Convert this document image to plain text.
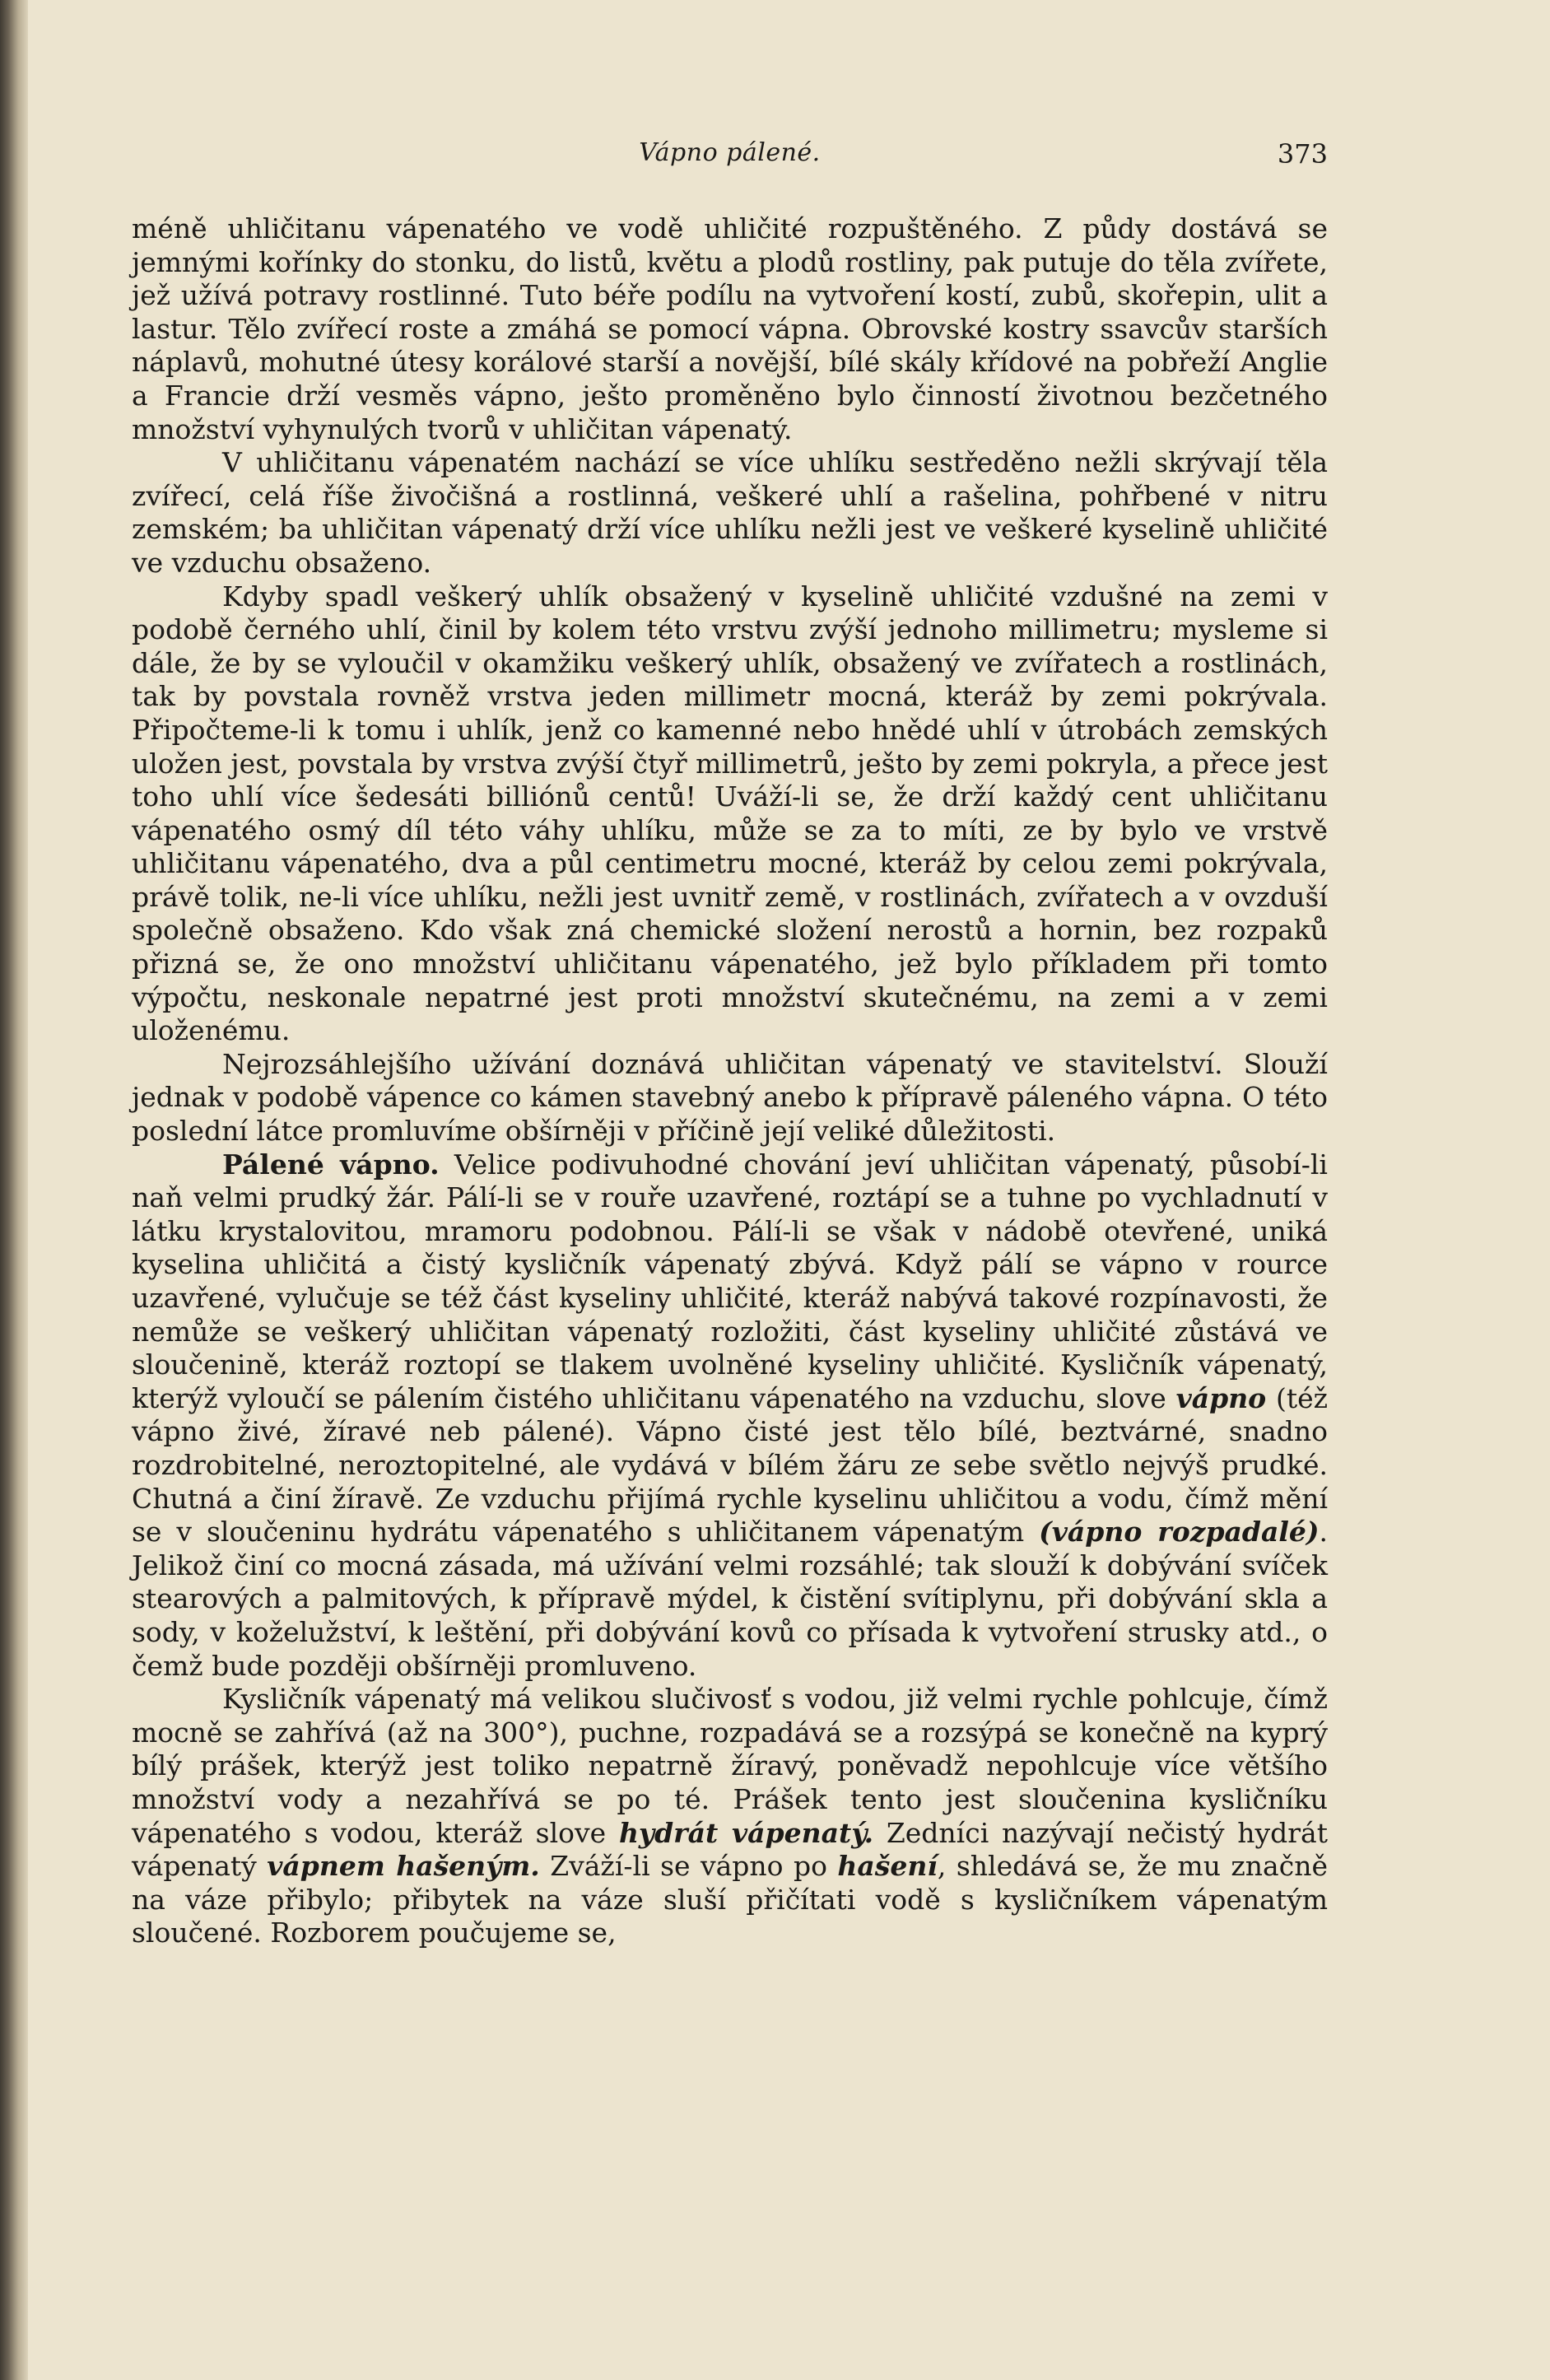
Vápno pálené.	373

méně uhličitanu vápenatého ve vodě uhličité rozpuštěného. Z půdy dostává se jemnými kořínky do stonku, do listů, květu a plodů rostliny, pak putuje do těla zvířete, jež užívá potravy rostlinné. Tuto béře podílu na vytvoření kostí, zubů, skořepin, ulit a lastur. Tělo zvířecí roste a zmáhá se pomocí vápna. Obrovské kostry ssavcův starších náplavů, mohutné útesy korálové starší a novější, bílé skály křídové na pobřeží Anglie a Francie drží vesměs vápno, ješto proměněno bylo činností životnou bezčetného množství vyhynulých tvorů v uhličitan vápenatý.

V uhličitanu vápenatém nachází se více uhlíku sestředěno nežli skrývají těla zvířecí, celá říše živočišná a rostlinná, veškeré uhlí a rašelina, pohřbené v nitru zemském; ba uhličitan vápenatý drží více uhlíku nežli jest ve veškeré kyselině uhličité ve vzduchu obsaženo.

Kdyby spadl veškerý uhlík obsažený v kyselině uhličité vzdušné na zemi v podobě černého uhlí, činil by kolem této vrstvu zvýší jednoho millimetru; mysleme si dále, že by se vyloučil v okamžiku veškerý uhlík, obsažený ve zvířatech a rostlinách, tak by povstala rovněž vrstva jeden millimetr mocná, kteráž by zemi pokrývala. Připočteme-li k tomu i uhlík, jenž co kamenné nebo hnědé uhlí v útrobách zemských uložen jest, povstala by vrstva zvýší čtyř millimetrů, ješto by zemi pokryla, a přece jest toho uhlí více šedesáti billiónů centů! Uváží-li se, že drží každý cent uhličitanu vápenatého osmý díl této váhy uhlíku, může se za to míti, ze by bylo ve vrstvě uhličitanu vápenatého, dva a půl centimetru mocné, kteráž by celou zemi pokrývala, právě tolik, ne-li více uhlíku, nežli jest uvnitř země, v rostlinách, zvířatech a v ovzduší společně obsaženo. Kdo však zná chemické složení nerostů a hornin, bez rozpaků přizná se, že ono množství uhličitanu vápenatého, jež bylo příkladem při tomto výpočtu, neskonale nepatrné jest proti množství skutečnému, na zemi a v zemi uloženému.

Nejrozsáhlejšího užívání doznává uhličitan vápenatý ve stavitelství. Slouží jednak v podobě vápence co kámen stavebný anebo k přípravě páleného vápna. O této poslední látce promluvíme obšírněji v příčině její veliké důležitosti.

Pálené vápno. Velice podivuhodné chování jeví uhličitan vápenatý, působí-li naň velmi prudký žár. Pálí-li se v rouře uzavřené, roztápí se a tuhne po vychladnutí v látku krystalovitou, mramoru podobnou. Pálí-li se však v nádobě otevřené, uniká kyselina uhličitá a čistý kysličník vápenatý zbývá. Když pálí se vápno v rource uzavřené, vylučuje se též část kyseliny uhličité, kteráž nabývá takové rozpínavosti, že nemůže se veškerý uhličitan vápenatý rozložiti, část kyseliny uhličité zůstává ve sloučenině, kteráž roztopí se tlakem uvolněné kyseliny uhličité. Kysličník vápenatý, kterýž vyloučí se pálením čistého uhličitanu vápenatého na vzduchu, slove vápno (též vápno živé, žíravé neb pálené). Vápno čisté jest tělo bílé, beztvárné, snadno rozdrobitelné, neroztopitelné, ale vydává v bílém žáru ze sebe světlo nejvýš prudké. Chutná a činí žíravě. Ze vzduchu přijímá rychle kyselinu uhličitou a vodu, čímž mění se v sloučeninu hydrátu vápenatého s uhličitanem vápenatým (vápno rozpadalé). Jelikož činí co mocná zásada, má užívání velmi rozsáhlé; tak slouží k dobývání svíček stearových a palmitových, k přípravě mýdel, k čistění svítiplynu, při dobývání skla a sody, v koželužství, k leštění, při dobývání kovů co přísada k vytvoření strusky atd., o čemž bude později obšírněji promluveno.

Kysličník vápenatý má velikou slučivosť s vodou, již velmi rychle pohlcuje, čímž mocně se zahřívá (až na 300°), puchne, rozpadává se a rozsýpá se konečně na kyprý bílý prášek, kterýž jest toliko nepatrně žíravý, poněvadž nepohlcuje více většího množství vody a nezahřívá se po té. Prášek tento jest sloučenina kysličníku vápenatého s vodou, kteráž slove hydrát vápenatý. Zedníci nazývají nečistý hydrát vápenatý vápnem hašeným. Zváží-li se vápno po hašení, shledává se, že mu značně na váze přibylo; přibytek na váze sluší přičítati vodě s kysličníkem vápenatým sloučené. Rozborem poučujeme se,
